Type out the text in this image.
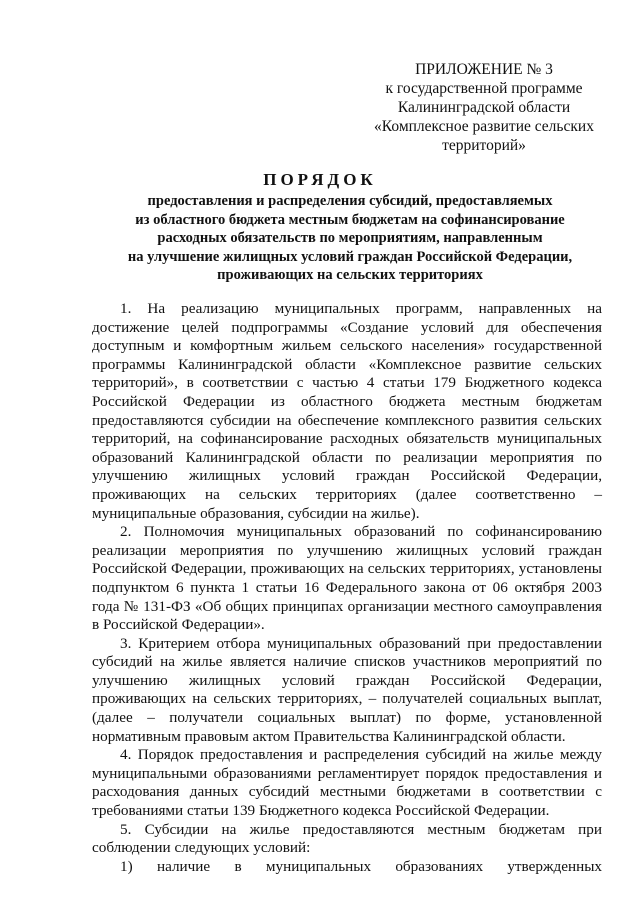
ПРИЛОЖЕНИЕ № 3
к государственной программе
Калининградской области
«Комплексное развитие сельских
территорий»
ПОРЯДОК
предоставления и распределения субсидий, предоставляемых
из областного бюджета местным бюджетам на софинансирование
расходных обязательств по мероприятиям, направленным
на улучшение жилищных условий граждан Российской Федерации,
проживающих на сельских территориях

1. На реализацию муниципальных программ, направленных на достижение целей подпрограммы «Создание условий для обеспечения доступным и комфортным жильем сельского населения» государственной программы Калининградской области «Комплексное развитие сельских территорий», в соответствии с частью 4 статьи 179 Бюджетного кодекса Российской Федерации из областного бюджета местным бюджетам предоставляются субсидии на обеспечение комплексного развития сельских территорий, на софинансирование расходных обязательств муниципальных образований Калининградской области по реализации мероприятия по улучшению жилищных условий граждан Российской Федерации, проживающих на сельских территориях (далее соответственно – муниципальные образования, субсидии на жилье).

2. Полномочия муниципальных образований по софинансированию реализации мероприятия по улучшению жилищных условий граждан Российской Федерации, проживающих на сельских территориях, установлены подпунктом 6 пункта 1 статьи 16 Федерального закона от 06 октября 2003 года № 131-ФЗ «Об общих принципах организации местного самоуправления в Российской Федерации».

3. Критерием отбора муниципальных образований при предоставлении субсидий на жилье является наличие списков участников мероприятий по улучшению жилищных условий граждан Российской Федерации, проживающих на сельских территориях, – получателей социальных выплат, (далее – получатели социальных выплат) по форме, установленной нормативным правовым актом Правительства Калининградской области.

4. Порядок предоставления и распределения субсидий на жилье между муниципальными образованиями регламентирует порядок предоставления и расходования данных субсидий местными бюджетами в соответствии с требованиями статьи 139 Бюджетного кодекса Российской Федерации.

5. Субсидии на жилье предоставляются местным бюджетам при соблюдении следующих условий:

1) наличие в муниципальных образованиях утвержденных
